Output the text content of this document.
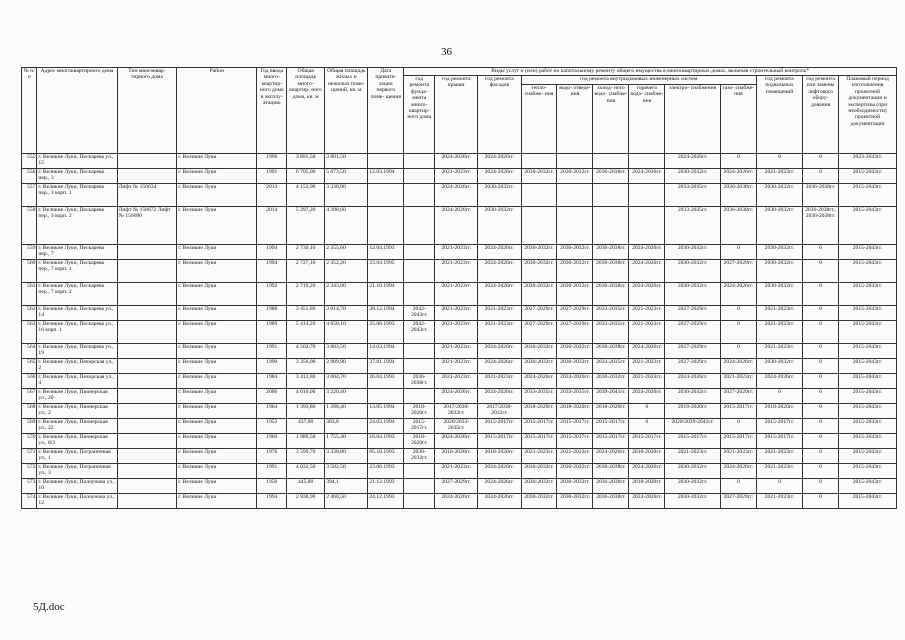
36
№ п/п	Адрес многоквартирного дома	Тип многоквар- тирного дома	Район	Год ввода много- квартир- ного дома в эксплу- атацию	Общая площадь много- квартир- ного дома, кв. м	Общая площадь жилых и нежилых поме- щений, кв. м	Дата привати- зации первого поме- щения	Виды услуг и (или) работ по капитальному ремонту общего имущества в многоквартирных домах, включая строительный контроль*											
								год ремонта фунда- мента много- квартир- ного дома	год ремонта крыши	год ремонта фасадов	год ремонта внутридомовых инженерных систем						год ремонта подвальных помещений	год ремонта или замены лифтового обору- дования	Плановый период изготовления проектной документации и экспертизы (при необходимости) проектной документации
											тепло- снабже- ния	водо- отведе- ния	холод- ного водо- снабже- ния	горячего водо- снабже- ния	электро- снабжения	газо- снабже- ния			
555	г. Великие Луки, Пескарева ул., 15		г. Великие Луки	1996	3 891,50	3 891,50			2024-2026гг.	2024-2026гг.					2024-2026гг.	0	0	0	2023-2043гг.
556	г. Великие Луки, Пескарева пер., 3		г. Великие Луки	1991	6 705,00	5 673,50	12.03.1994		2021-2023гг.	2024-2026гг.	2030-2032гг.	2030-2032гг.	2036-2038гг.	2024-2026гг.	2030-2032гг.	2024-2026гг.	2021-2023гг.	0	2015-2043гг.
557	г. Великие Луки, Пескарева пер., 3 корп. 1	Лифт № 156634	г. Великие Луки	2013	4 153,90	3 330,90			2024-2026гг.	2030-2032гг.					2033-2035гг.	2036-2038гг.	2030-2032гг.	2036-2038гг.	2015-2043гг.
558	г. Великие Луки, Пескарева пер., 3 корп. 2	Лифт № 156672 Лифт № 156690	г. Великие Луки	2014	5 297,20	4 398,60			2024-2026гг.	2030-2032гг.					2033-2035гг.	2036-2038гг.	2030-2032гг.	2036-2038гг., 2036-2038гг.	2015-2043гг.
559	г. Великие Луки, Пескарева пер., 7		г. Великие Луки	1994	2 730,10	2 355,60	12.04.1993		2021-2023гг.	2024-2026гг.	2030-2032гг.	2030-2032гг.	2036-2038гг.	2024-2026гг.	2030-2032гг.	0	2030-2032гг.	0	2015-2043гг.
560	г. Великие Луки, Пескарева пер., 7 корп. 1		г. Великие Луки	1994	2 727,10	2 352,20	23.04.1995		2021-2023гг.	2024-2026гг.	2030-2032гг.	2030-2032гг.	2036-2038гг.	2024-2026гг.	2030-2032гг.	2027-2029гг.	2030-2032гг.	0	2015-2043гг.
561	г. Великие Луки, Пескарева пер., 7 корп. 2		г. Великие Луки	1992	2 719,20	2 343,00	21.10.1994		2021-2023гг.	2024-2026гг.	2030-2032гг.	2030-2032гг.	2036-2038гг.	2024-2026гг.	2030-2032гг.	2024-2026гг.	2030-2032гг.	0	2015-2043гг.
562	г. Великие Луки, Пескарева ул., 14		г. Великие Луки	1988	3 451,80	3 014,70	28.12.1994	2042-2043гг.	2021-2023гг.	2021-2023гг.	2027-2029гг.	2027-2029гг.	2033-2035гг.	2021-2023гг.	2027-2029гг.	0	2021-2023гг.	0	2015-2043гг.
563	г. Великие Луки, Пескарева ул., 16 корп. 1		г. Великие Луки	1989	5 414,20	4 658,10	25.06.1993	2042-2043гг.	2021-2023гг.	2021-2023гг.	2027-2029гг.	2027-2029гг.	2033-2035гг.	2021-2023гг.	2027-2029гг.	0	2021-2023гг.	0	2015-2043гг.
564	г. Великие Луки, Пескарева ул., 19		г. Великие Луки	1991	4 502,70	3 883,50	14.03.1994		2021-2023гг.	2024-2026гг.	2030-2032гг.	2030-2032гг.	2036-2038гг.	2024-2026гг.	2027-2029гг.	0	2021-2023гг.	0	2015-2043гг.
565	г. Великие Луки, Печорская ул., 2		г. Великие Луки	1990	3 356,00	2 989,90	27.01.1994		2021-2023гг.	2024-2026гг.	2030-2032гг.	2030-2032гг.	2033-2035гг.	2021-2023гг.	2027-2029гг.	2024-2026гг.	2030-2032гг.	0	2015-2043гг.
566	г. Великие Луки, Печорская ул., 4		г. Великие Луки	1984	3 412,80	3 004,70	26.04.1993	2036-2038гг.	2021-2023гг.	2021-2023гг.	2024-2026гг.	2024-2026гг.	2030-2032гг.	2021-2023гг.	2024-2026гг.	2021-2023гг.	2024-2026гг.	0	2015-2043гг.
567	г. Великие Луки, Пионерская ул., 20		г. Великие Луки	2006	4 010,00	3 220,40			2024-2026гг.	2024-2026гг.	2033-2035гг.	2033-2035гг.	2039-2041гг.	2024-2026гг.	2030-2032гг.	2027-2029гг.	0	0	2015-2043гг.
568	г. Великие Луки, Пионерская ул., 2		г. Великие Луки	1964	1 393,80	1 288,40	13.05.1994	2018-2020гг.	2017/2030-2032гг.	2017/2030-2032гг.	2018-2020гг.	2018-2020гг.	2018-2020гг.	0	2018-2020гг.	2015-2017гг.	2018-2020гг.	0	2015-2043гг.
569	г. Великие Луки, Пионерская ул., 22		г. Великие Луки	1953	437,80	383,8	24.03.1994	2015-2017гг.	2020/2033-2035гг.	2015-2017гг.	2015-2017гг.	2015-2017гг.	2015-2017гг.	0	2020/2039-2041гг.	0	2015-2017гг.	0	2015-2043гг.
570	г. Великие Луки, Пионерская ул., 8/3		г. Великие Луки	1960	1 989,50	1 755,40	16.04.1993	2018-2020гг.	2024-2026гг.	2015-2017гг.	2015-2017гг.	2015-2017гг.	2015-2017гг.	2015-2017гг.	2015-2017гг.	2015-2017гг.	2015-2017гг.	0	2015-2043гг.
571	г. Великие Луки, Пограничная ул., 1		г. Великие Луки	1976	3 599,70	3 330,80	05.10.1993	2030-2032гг.	2018-2020гг.	2018-2020гг.	2021-2023гг.	2021-2023гг.	2024-2026гг.	2018-2020гг.	2021-2023гг.	2021-2023гг.	2021-2023гг.	0	2015-2043гг.
572	г. Великие Луки, Пограничная ул., 3		г. Великие Луки	1991	4 032,50	3 582,50	23.06.1993		2021-2023гг.	2024-2026гг.	2030-2032гг.	2030-2032гг.	2036-2038гг.	2024-2026гг.	2030-2032гг.	2024-2026гг.	2021-2023гг.	0	2015-2043гг.
573	г. Великие Луки, Полоунова ул., 10		г. Великие Луки	1950	445,80	394,1	21.12.1993		2027-2029гг.	2024-2026гг.	2030-2032гг.	2030-2032гг.	2036-2038гг.	2018-2020гг.	2030-2032гг.	0	0	0	2015-2043гг.
574	г. Великие Луки, Полоунова ул., 12		г. Великие Луки	1994	2 838,90	2 460,50	24.12.1993		2024-2026гг.	2024-2026гг.	2030-2032гг.	2030-2032гг.	2036-2038гг.	2024-2026гг.	2030-2032гг.	2027-2029гг.	2021-2023гг.	0	2015-2043гг.
5Д.doc
